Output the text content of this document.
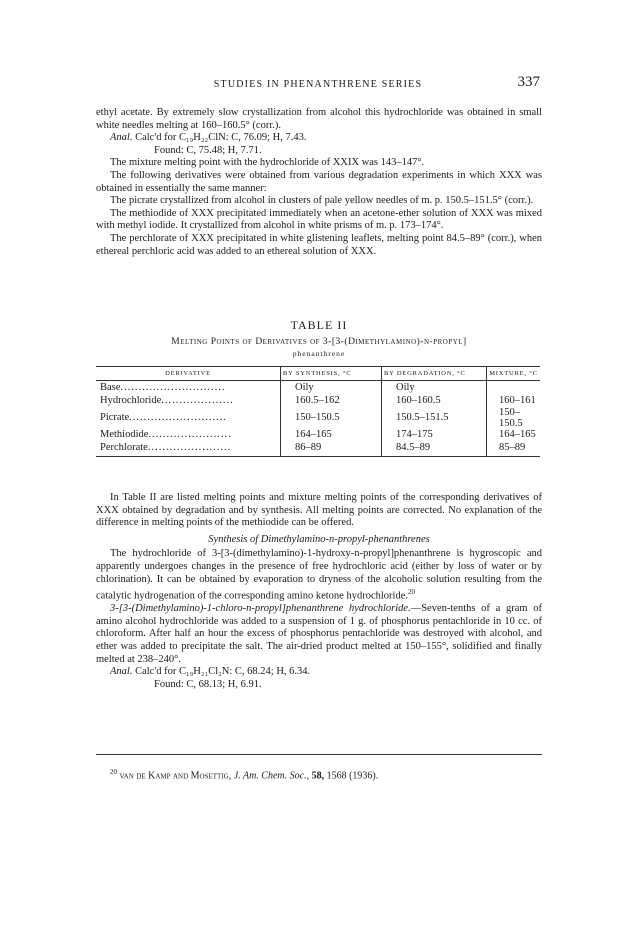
STUDIES IN PHENANTHRENE SERIES	337

ethyl acetate. By extremely slow crystallization from alcohol this hydrochloride was obtained in small white needles melting at 160–160.5° (corr.).

Anal. Calc'd for C₁₉H₂₂ClN: C, 76.09; H, 7.43.

Found: C, 75.48; H, 7.71.

The mixture melting point with the hydrochloride of XXIX was 143–147°.

The following derivatives were obtained from various degradation experiments in which XXX was obtained in essentially the same manner:

The picrate crystallized from alcohol in clusters of pale yellow needles of m. p. 150.5–151.5° (corr.).

The methiodide of XXX precipitated immediately when an acetone-ether solution of XXX was mixed with methyl iodide. It crystallized from alcohol in white prisms of m. p. 173–174°.

The perchlorate of XXX precipitated in white glistening leaflets, melting point 84.5–89° (corr.), when ethereal perchloric acid was added to an ethereal solution of XXX.

TABLE II
Melting Points of Derivatives of 3-[3-(Dimethylamino)-n-propyl]
phenanthrene
DERIVATIVE	BY SYNTHESIS, °C	BY DEGRADATION, °C	MIXTURE, °C
Base.............................	Oily	Oily	
Hydrochloride....................	160.5–162	160–160.5	160–161
Picrate...........................	150–150.5	150.5–151.5	150–150.5
Methiodide.......................	164–165	174–175	164–165
Perchlorate.......................	86–89	84.5–89	85–89

In Table II are listed melting points and mixture melting points of the corresponding derivatives of XXX obtained by degradation and by synthesis. All melting points are corrected. No explanation of the difference in melting points of the methiodide can be offered.

Synthesis of Dimethylamino-n-propyl-phenanthrenes

The hydrochloride of 3-[3-(dimethylamino)-1-hydroxy-n-propyl]phenanthrene is hygroscopic and apparently undergoes changes in the presence of free hydrochloric acid (either by loss of water or by chlorination). It can be obtained by evaporation to dryness of the alcoholic solution resulting from the catalytic hydrogenation of the corresponding amino ketone hydrochloride.$^{20}$

3-[3-(Dimethylamino)-1-chloro-n-propyl]phenanthrene hydrochloride.—Seven-tenths of a gram of amino alcohol hydrochloride was added to a suspension of 1 g. of phosphorus pentachloride in 10 cc. of chloroform. After half an hour the excess of phosphorus pentachloride was destroyed with alcohol, and ether was added to precipitate the salt. The air-dried product melted at 150–155°, solidified and finally melted at 238–240°.

Anal. Calc'd for C₁₉H₂₁Cl₂N: C, 68.24; H, 6.34.

Found: C, 68.13; H, 6.91.

$^{20}$ van de Kamp and Mosettig, J. Am. Chem. Soc., 58, 1568 (1936).
